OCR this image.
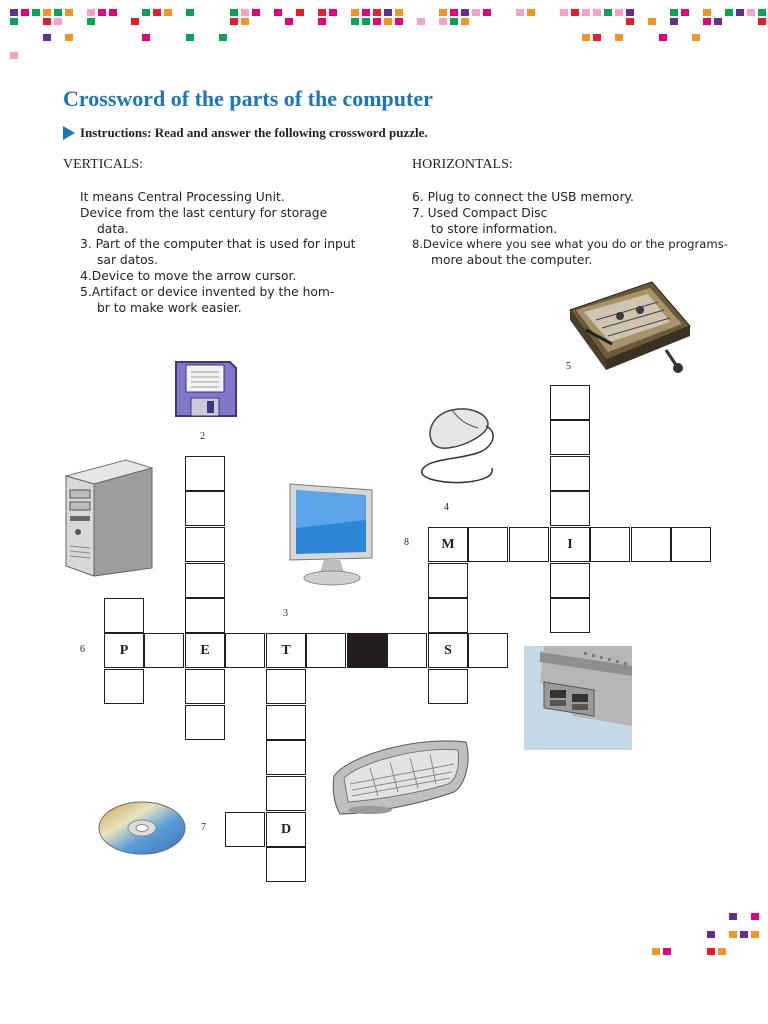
Crossword of the parts of the computer
Instructions: Read and answer the following crossword puzzle.
VERTICALS:	HORIZONTALS:
It means Central Processing Unit.
Device from the last century for storage
data.
3. Part of the computer that is used for input
sar datos.
4.Device to move the arrow cursor.
5.Artifact or device invented by the hom-
br to make work easier.
6. Plug to connect the USB memory.
7. Used Compact Disc
to store information.
8.Device where you see what you do or the programs-
more about the computer.
2
3
4
5
6
7
8
P	E	T	S
D
M	I
